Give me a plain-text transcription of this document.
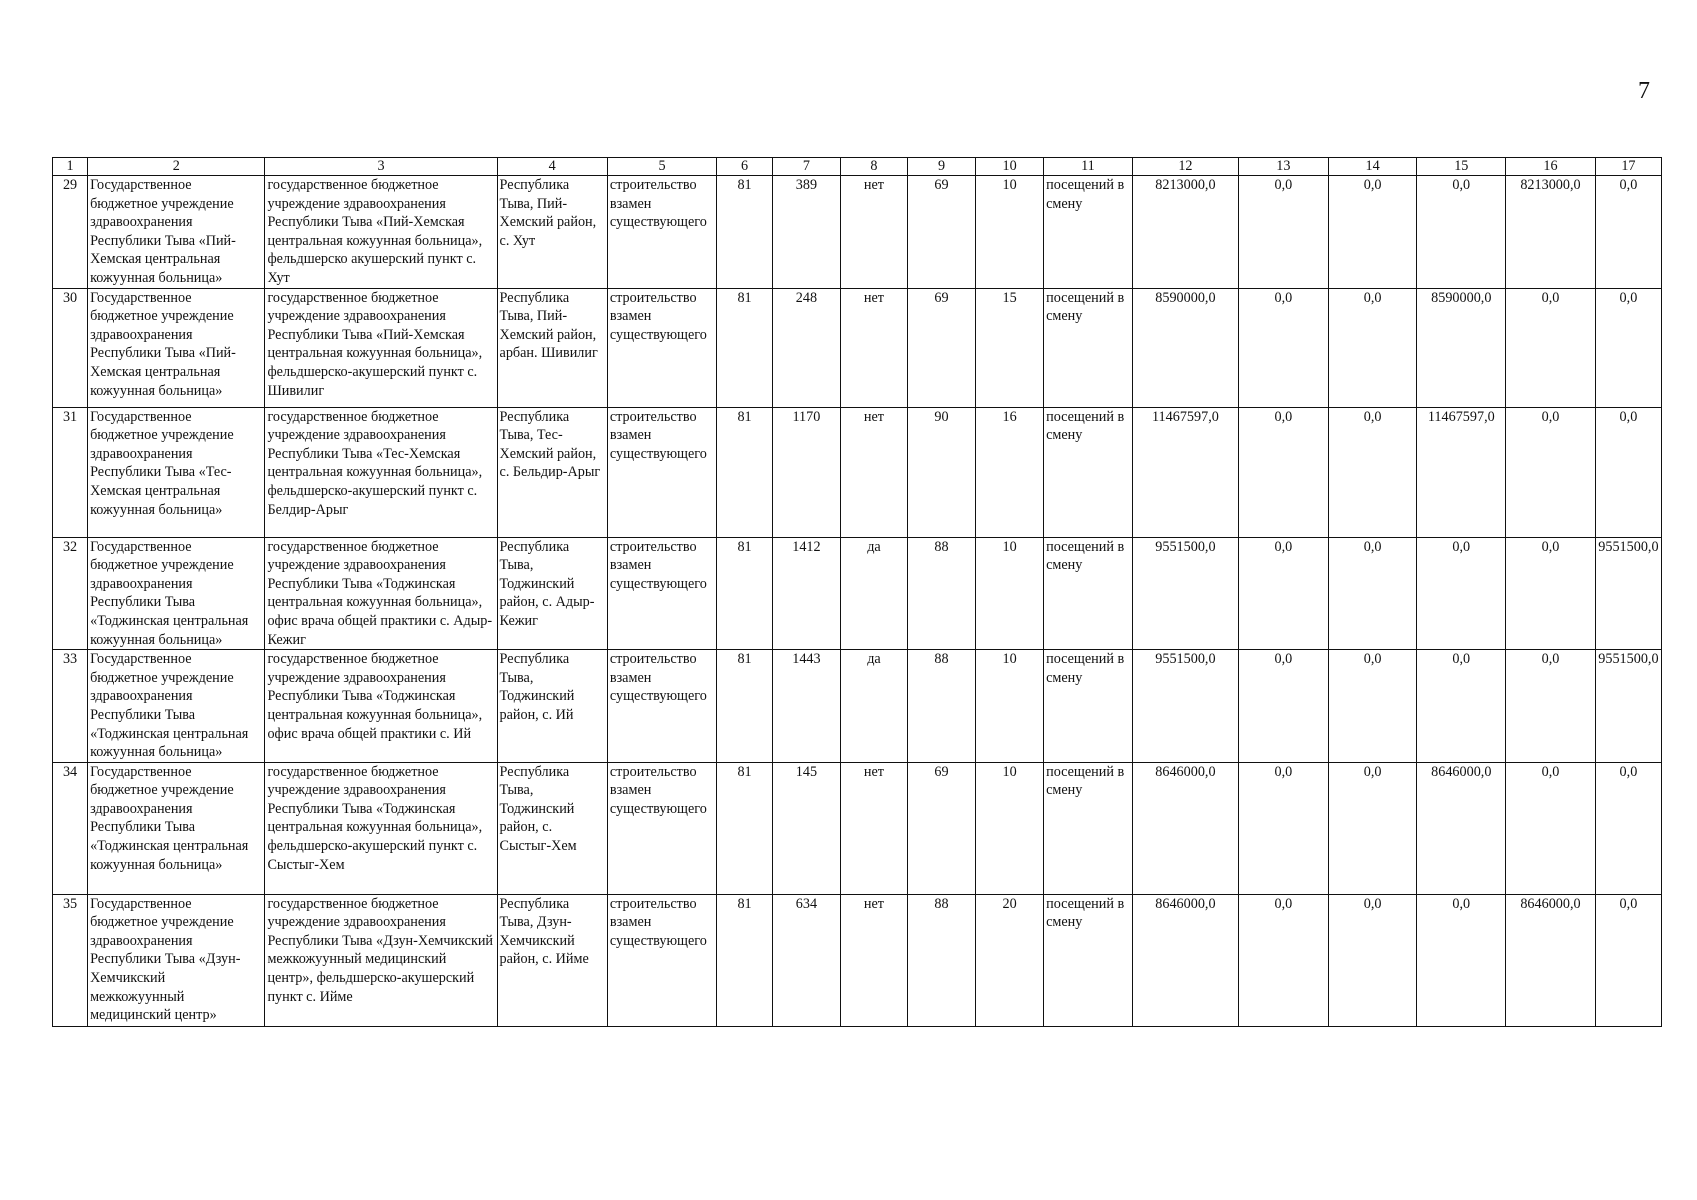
7
1	2	3	4	5	6	7	8	9	10	11	12	13	14	15	16	17
29	Государственное бюджетное учреждение здравоохранения Республики Тыва «Пий-Хемская центральная кожуунная больница»	государственное бюджетное учреждение здравоохранения Республики Тыва «Пий-Хемская центральная кожуунная больница», фельдшерско акушерский пункт с. Хут	Республика Тыва, Пий-Хемский район, с. Хут	строительство взамен существующего	81	389	нет	69	10	посещений в смену	8213000,0	0,0	0,0	0,0	8213000,0	0,0
30	Государственное бюджетное учреждение здравоохранения Республики Тыва «Пий-Хемская центральная кожуунная больница»	государственное бюджетное учреждение здравоохранения Республики Тыва «Пий-Хемская центральная кожуунная больница», фельдшерско-акушерский пункт с. Шивилиг	Республика Тыва, Пий-Хемский район, арбан. Шивилиг	строительство взамен существующего	81	248	нет	69	15	посещений в смену	8590000,0	0,0	0,0	8590000,0	0,0	0,0
31	Государственное бюджетное учреждение здравоохранения Республики Тыва «Тес-Хемская центральная кожуунная больница»	государственное бюджетное учреждение здравоохранения Республики Тыва «Тес-Хемская центральная кожуунная больница», фельдшерско-акушерский пункт с. Белдир-Арыг	Республика Тыва, Тес-Хемский район, с. Бельдир-Арыг	строительство взамен существующего	81	1170	нет	90	16	посещений в смену	11467597,0	0,0	0,0	11467597,0	0,0	0,0
32	Государственное бюджетное учреждение здравоохранения Республики Тыва «Тоджинская центральная кожуунная больница»	государственное бюджетное учреждение здравоохранения Республики Тыва «Тоджинская центральная кожуунная больница», офис врача общей практики с. Адыр-Кежиг	Республика Тыва, Тоджинский район, с. Адыр-Кежиг	строительство взамен существующего	81	1412	да	88	10	посещений в смену	9551500,0	0,0	0,0	0,0	0,0	9551500,0
33	Государственное бюджетное учреждение здравоохранения Республики Тыва «Тоджинская центральная кожуунная больница»	государственное бюджетное учреждение здравоохранения Республики Тыва «Тоджинская центральная кожуунная больница», офис врача общей практики с. Ий	Республика Тыва, Тоджинский район, с. Ий	строительство взамен существующего	81	1443	да	88	10	посещений в смену	9551500,0	0,0	0,0	0,0	0,0	9551500,0
34	Государственное бюджетное учреждение здравоохранения Республики Тыва «Тоджинская центральная кожуунная больница»	государственное бюджетное учреждение здравоохранения Республики Тыва «Тоджинская центральная кожуунная больница», фельдшерско-акушерский пункт с. Сыстыг-Хем	Республика Тыва, Тоджинский район, с. Сыстыг-Хем	строительство взамен существующего	81	145	нет	69	10	посещений в смену	8646000,0	0,0	0,0	8646000,0	0,0	0,0
35	Государственное бюджетное учреждение здравоохранения Республики Тыва «Дзун-Хемчикский межкожуунный медицинский центр»	государственное бюджетное учреждение здравоохранения Республики Тыва «Дзун-Хемчикский межкожуунный медицинский центр», фельдшерско-акушерский пункт с. Ийме	Республика Тыва, Дзун-Хемчикский район, с. Ийме	строительство взамен существующего	81	634	нет	88	20	посещений в смену	8646000,0	0,0	0,0	0,0	8646000,0	0,0
